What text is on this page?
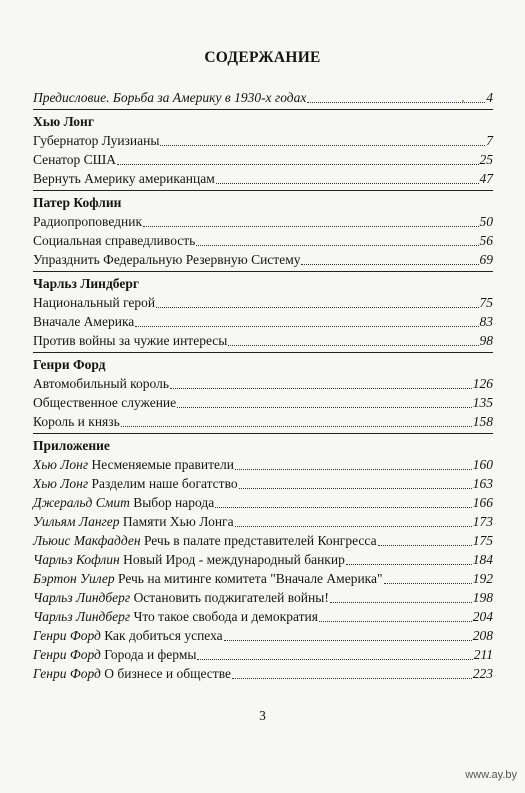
СОДЕРЖАНИЕ
Предисловие. Борьба за Америку в 1930-х годах	4
Хью Лонг
Губернатор Луизианы	7
Сенатор США	25
Вернуть Америку американцам	47
Патер Кофлин
Радиопроповедник	50
Социальная справедливость	56
Упразднить Федеральную Резервную Систему	69
Чарльз Линдберг
Национальный герой	75
Вначале Америка	83
Против войны за чужие интересы	98
Генри Форд
Автомобильный король	126
Общественное служение	135
Король и князь	158
Приложение
Хью Лонг Несменяемые правители	160
Хью Лонг Разделим наше богатство	163
Джеральд Смит Выбор народа	166
Уильям Лангер Памяти Хью Лонга	173
Льюис Макфадден Речь в палате представителей Конгресса	175
Чарльз Кофлин Новый Ирод - международный банкир	184
Бэртон Уилер Речь на митинге комитета "Вначале Америка"	192
Чарльз Линдберг Остановить поджигателей войны!	198
Чарльз Линдберг Что такое свобода и демократия	204
Генри Форд Как добиться успеха	208
Генри Форд Города и фермы	211
Генри Форд О бизнесе и обществе	223
3
www.ay.by
